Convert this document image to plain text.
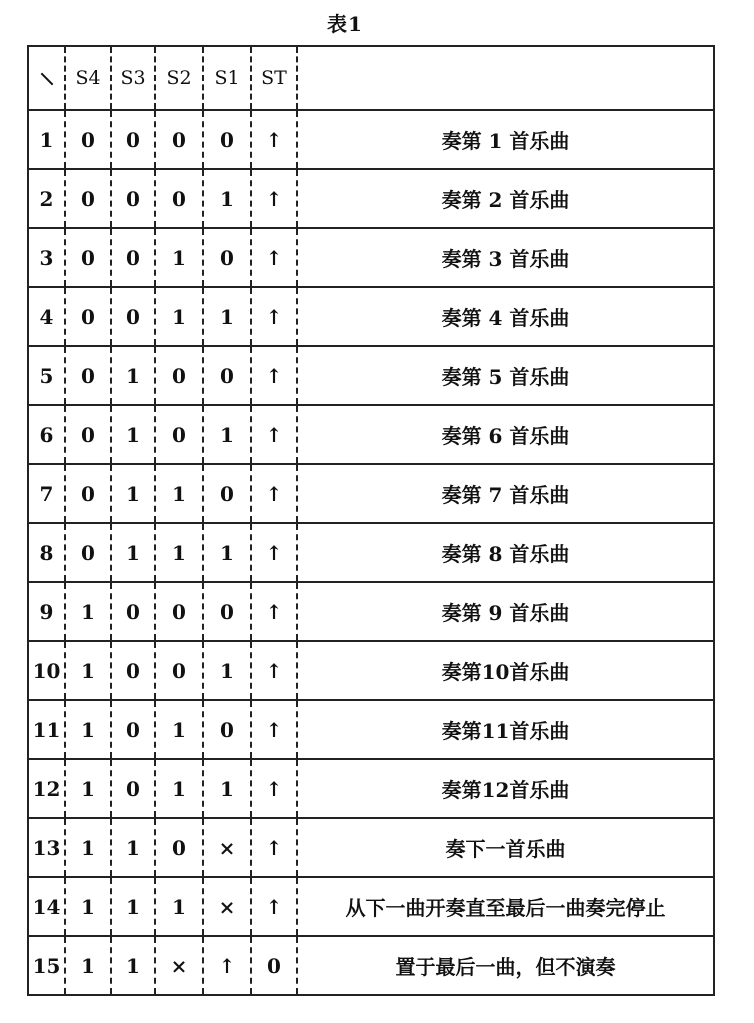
表1
	S4	S3	S2	S1	ST	
1	0	0	0	0	↑	奏第 1 首乐曲
2	0	0	0	1	↑	奏第 2 首乐曲
3	0	0	1	0	↑	奏第 3 首乐曲
4	0	0	1	1	↑	奏第 4 首乐曲
5	0	1	0	0	↑	奏第 5 首乐曲
6	0	1	0	1	↑	奏第 6 首乐曲
7	0	1	1	0	↑	奏第 7 首乐曲
8	0	1	1	1	↑	奏第 8 首乐曲
9	1	0	0	0	↑	奏第 9 首乐曲
10	1	0	0	1	↑	奏第10首乐曲
11	1	0	1	0	↑	奏第11首乐曲
12	1	0	1	1	↑	奏第12首乐曲
13	1	1	0	×	↑	奏下一首乐曲
14	1	1	1	×	↑	从下一曲开奏直至最后一曲奏完停止
15	1	1	×	↑	0	置于最后一曲，但不演奏
